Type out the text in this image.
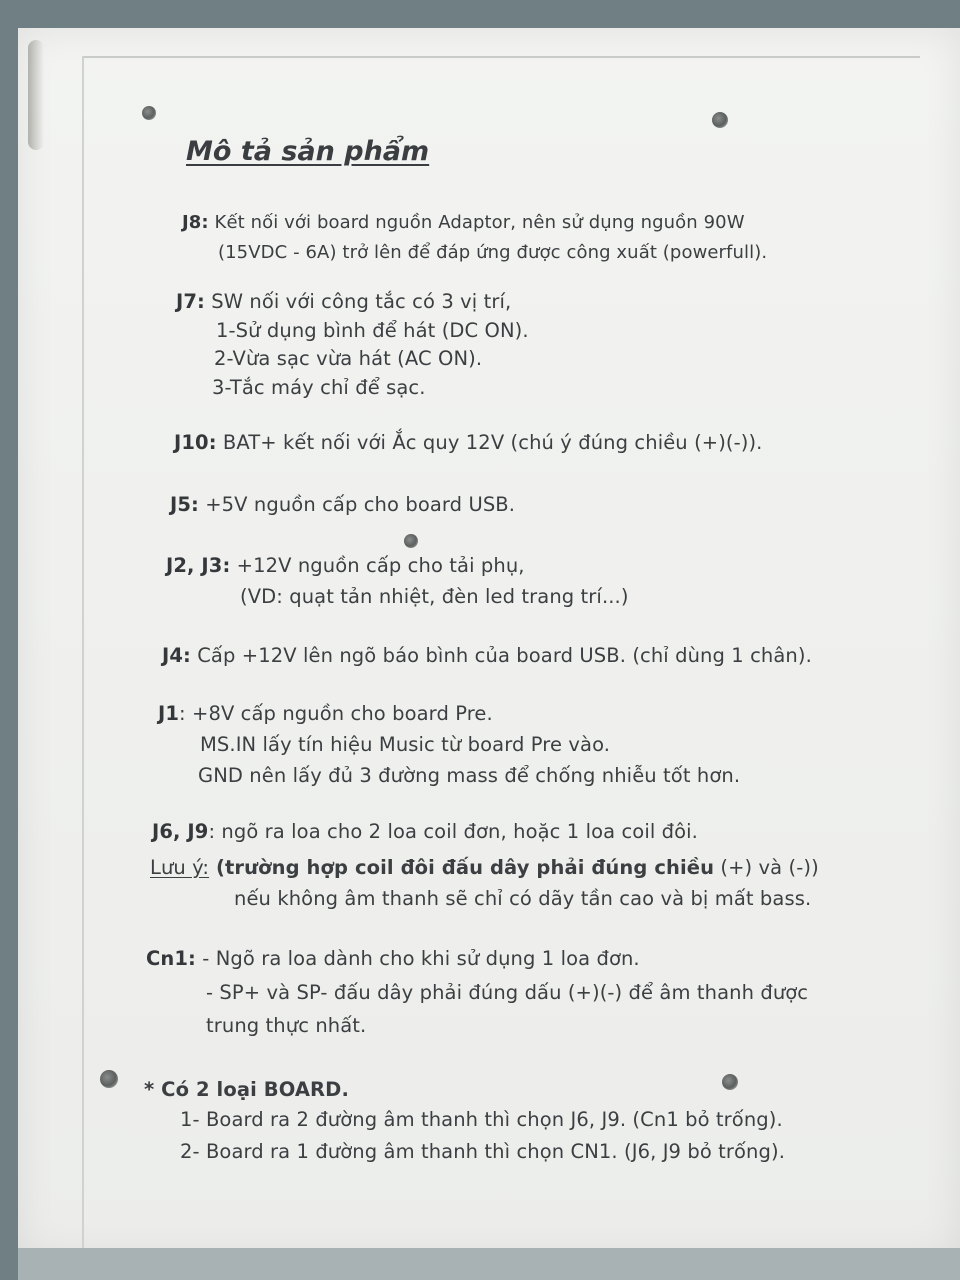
Mô tả sản phẩm
J8: Kết nối với board nguồn Adaptor, nên sử dụng nguồn 90W
(15VDC - 6A) trở lên để đáp ứng được công xuất (powerfull).
J7: SW nối với công tắc có 3 vị trí,
1-Sử dụng bình để hát (DC ON).
2-Vừa sạc vừa hát (AC ON).
3-Tắc máy chỉ để sạc.
J10: BAT+ kết nối với Ắc quy 12V (chú ý đúng chiều (+)(-)).
J5: +5V nguồn cấp cho board USB.
J2, J3: +12V nguồn cấp cho tải phụ,
(VD: quạt tản nhiệt, đèn led trang trí...)
J4: Cấp +12V lên ngõ báo bình của board USB. (chỉ dùng 1 chân).
J1: +8V cấp nguồn cho board Pre.
MS.IN lấy tín hiệu Music từ board Pre vào.
GND nên lấy đủ 3 đường mass để chống nhiễu tốt hơn.
J6, J9: ngõ ra loa cho 2 loa coil đơn, hoặc 1 loa coil đôi.
Lưu ý: (trường hợp coil đôi đấu dây phải đúng chiều (+) và (-))
nếu không âm thanh sẽ chỉ có dãy tần cao và bị mất bass.
Cn1: - Ngõ ra loa dành cho khi sử dụng 1 loa đơn.
- SP+ và SP- đấu dây phải đúng dấu (+)(-) để âm thanh được
trung thực nhất.
* Có 2 loại BOARD.
1- Board ra 2 đường âm thanh thì chọn J6, J9. (Cn1 bỏ trống).
2- Board ra 1 đường âm thanh thì chọn CN1. (J6, J9 bỏ trống).
